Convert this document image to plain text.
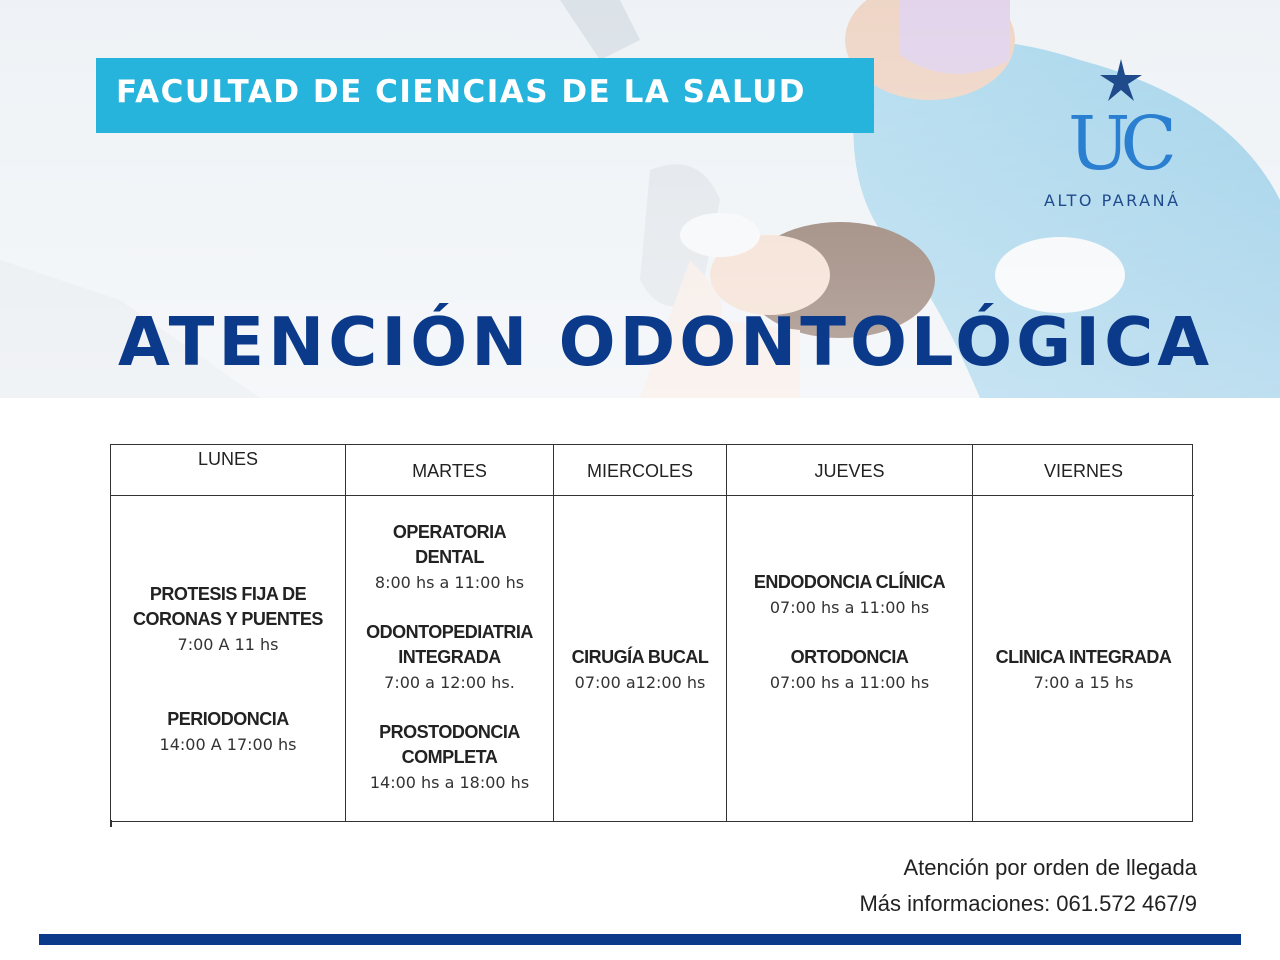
FACULTAD DE CIENCIAS DE LA SALUD
UC
ALTO PARANÁ
ATENCIÓN ODONTOLÓGICA
LUNES
PROTESIS FIJA DE
CORONAS Y PUENTES
7:00 A 11 hs
PERIODONCIA
14:00 A 17:00 hs
MARTES
OPERATORIA
DENTAL
8:00 hs a 11:00 hs
ODONTOPEDIATRIA
INTEGRADA
7:00 a 12:00 hs.
PROSTODONCIA
COMPLETA
14:00 hs a 18:00 hs
MIERCOLES
CIRUGÍA BUCAL
07:00 a12:00 hs
JUEVES
ENDODONCIA CLÍNICA
07:00 hs a 11:00 hs
ORTODONCIA
07:00 hs a 11:00 hs
VIERNES
CLINICA INTEGRADA
7:00 a 15 hs
Atención por orden de llegada
Más informaciones: 061.572 467/9
